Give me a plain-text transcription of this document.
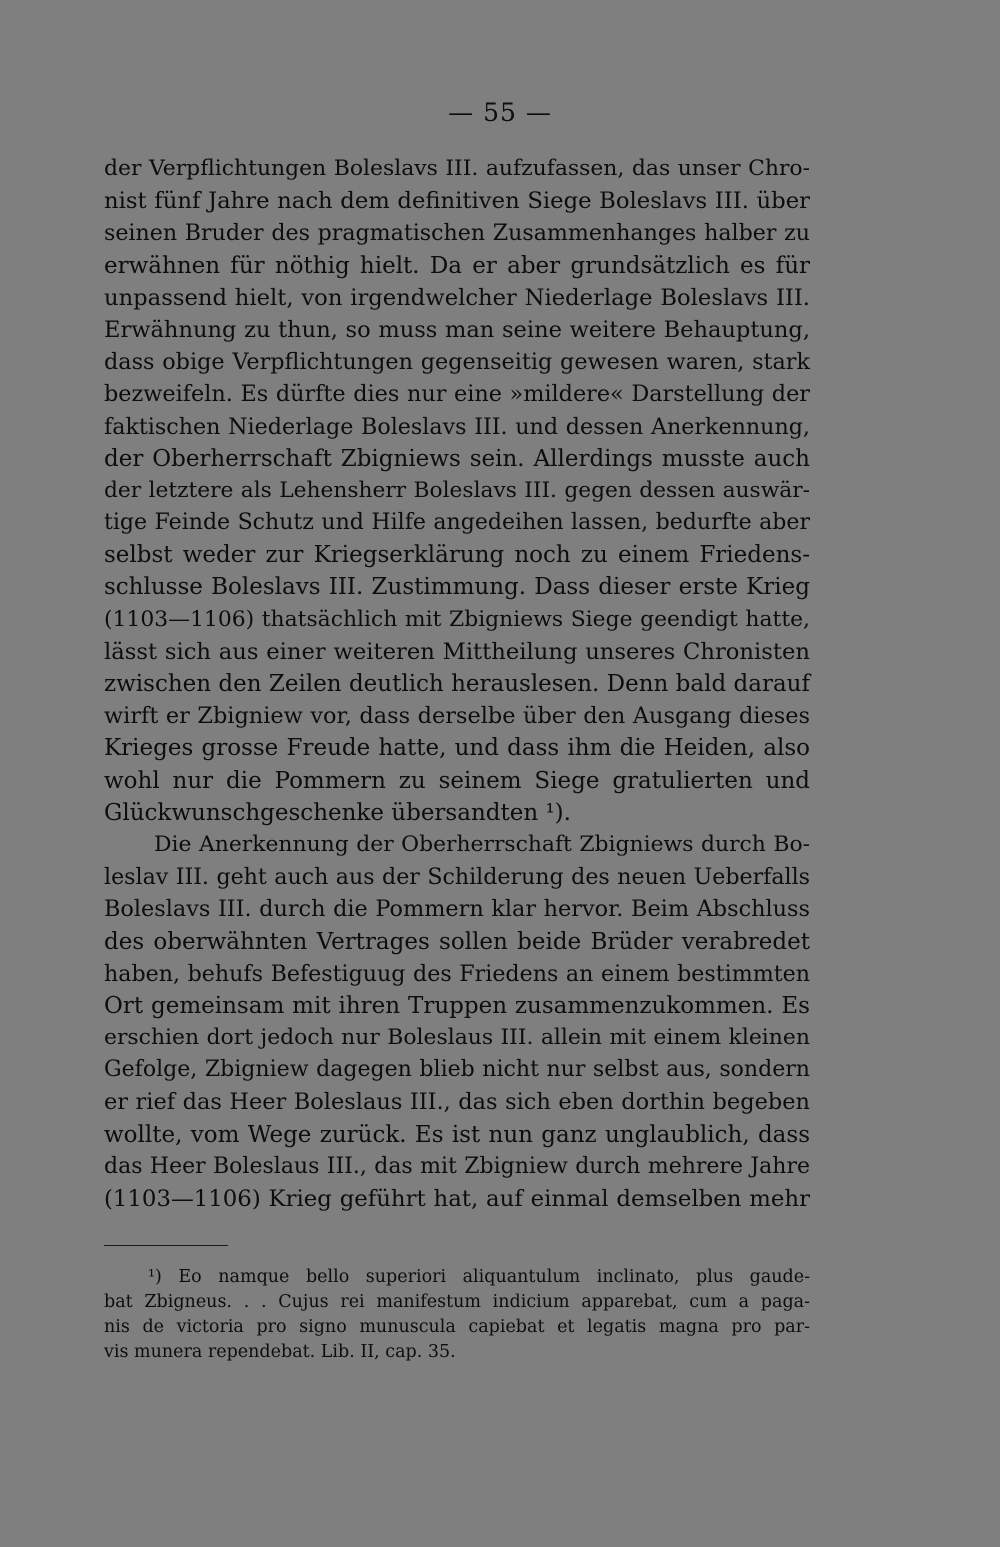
— 55 —
der Verpflichtungen Boleslavs III. aufzufassen, das unser Chro-
nist fünf Jahre nach dem definitiven Siege Boleslavs III. über
seinen Bruder des pragmatischen Zusammenhanges halber zu
erwähnen für nöthig hielt. Da er aber grundsätzlich es für
unpassend hielt, von irgendwelcher Niederlage Boleslavs III.
Erwähnung zu thun, so muss man seine weitere Behauptung,
dass obige Verpflichtungen gegenseitig gewesen waren, stark
bezweifeln. Es dürfte dies nur eine »mildere« Darstellung der
faktischen Niederlage Boleslavs III. und dessen Anerkennung,
der Oberherrschaft Zbigniews sein. Allerdings musste auch
der letztere als Lehensherr Boleslavs III. gegen dessen auswär-
tige Feinde Schutz und Hilfe angedeihen lassen, bedurfte aber
selbst weder zur Kriegserklärung noch zu einem Friedens-
schlusse Boleslavs III. Zustimmung. Dass dieser erste Krieg
(1103—1106) thatsächlich mit Zbigniews Siege geendigt hatte,
lässt sich aus einer weiteren Mittheilung unseres Chronisten
zwischen den Zeilen deutlich herauslesen. Denn bald darauf
wirft er Zbigniew vor, dass derselbe über den Ausgang dieses
Krieges grosse Freude hatte, und dass ihm die Heiden, also
wohl nur die Pommern zu seinem Siege gratulierten und
Glückwunschgeschenke übersandten ¹).
Die Anerkennung der Oberherrschaft Zbigniews durch Bo-
leslav III. geht auch aus der Schilderung des neuen Ueberfalls
Boleslavs III. durch die Pommern klar hervor. Beim Abschluss
des oberwähnten Vertrages sollen beide Brüder verabredet
haben, behufs Befestiguug des Friedens an einem bestimmten
Ort gemeinsam mit ihren Truppen zusammenzukommen. Es
erschien dort jedoch nur Boleslaus III. allein mit einem kleinen
Gefolge, Zbigniew dagegen blieb nicht nur selbst aus, sondern
er rief das Heer Boleslaus III., das sich eben dorthin begeben
wollte, vom Wege zurück. Es ist nun ganz unglaublich, dass
das Heer Boleslaus III., das mit Zbigniew durch mehrere Jahre
(1103—1106) Krieg geführt hat, auf einmal demselben mehr
¹) Eo namque bello superiori aliquantulum inclinato, plus gaude-
bat Zbigneus. . . Cujus rei manifestum indicium apparebat, cum a paga-
nis de victoria pro signo munuscula capiebat et legatis magna pro par-
vis munera rependebat. Lib. II, cap. 35.
